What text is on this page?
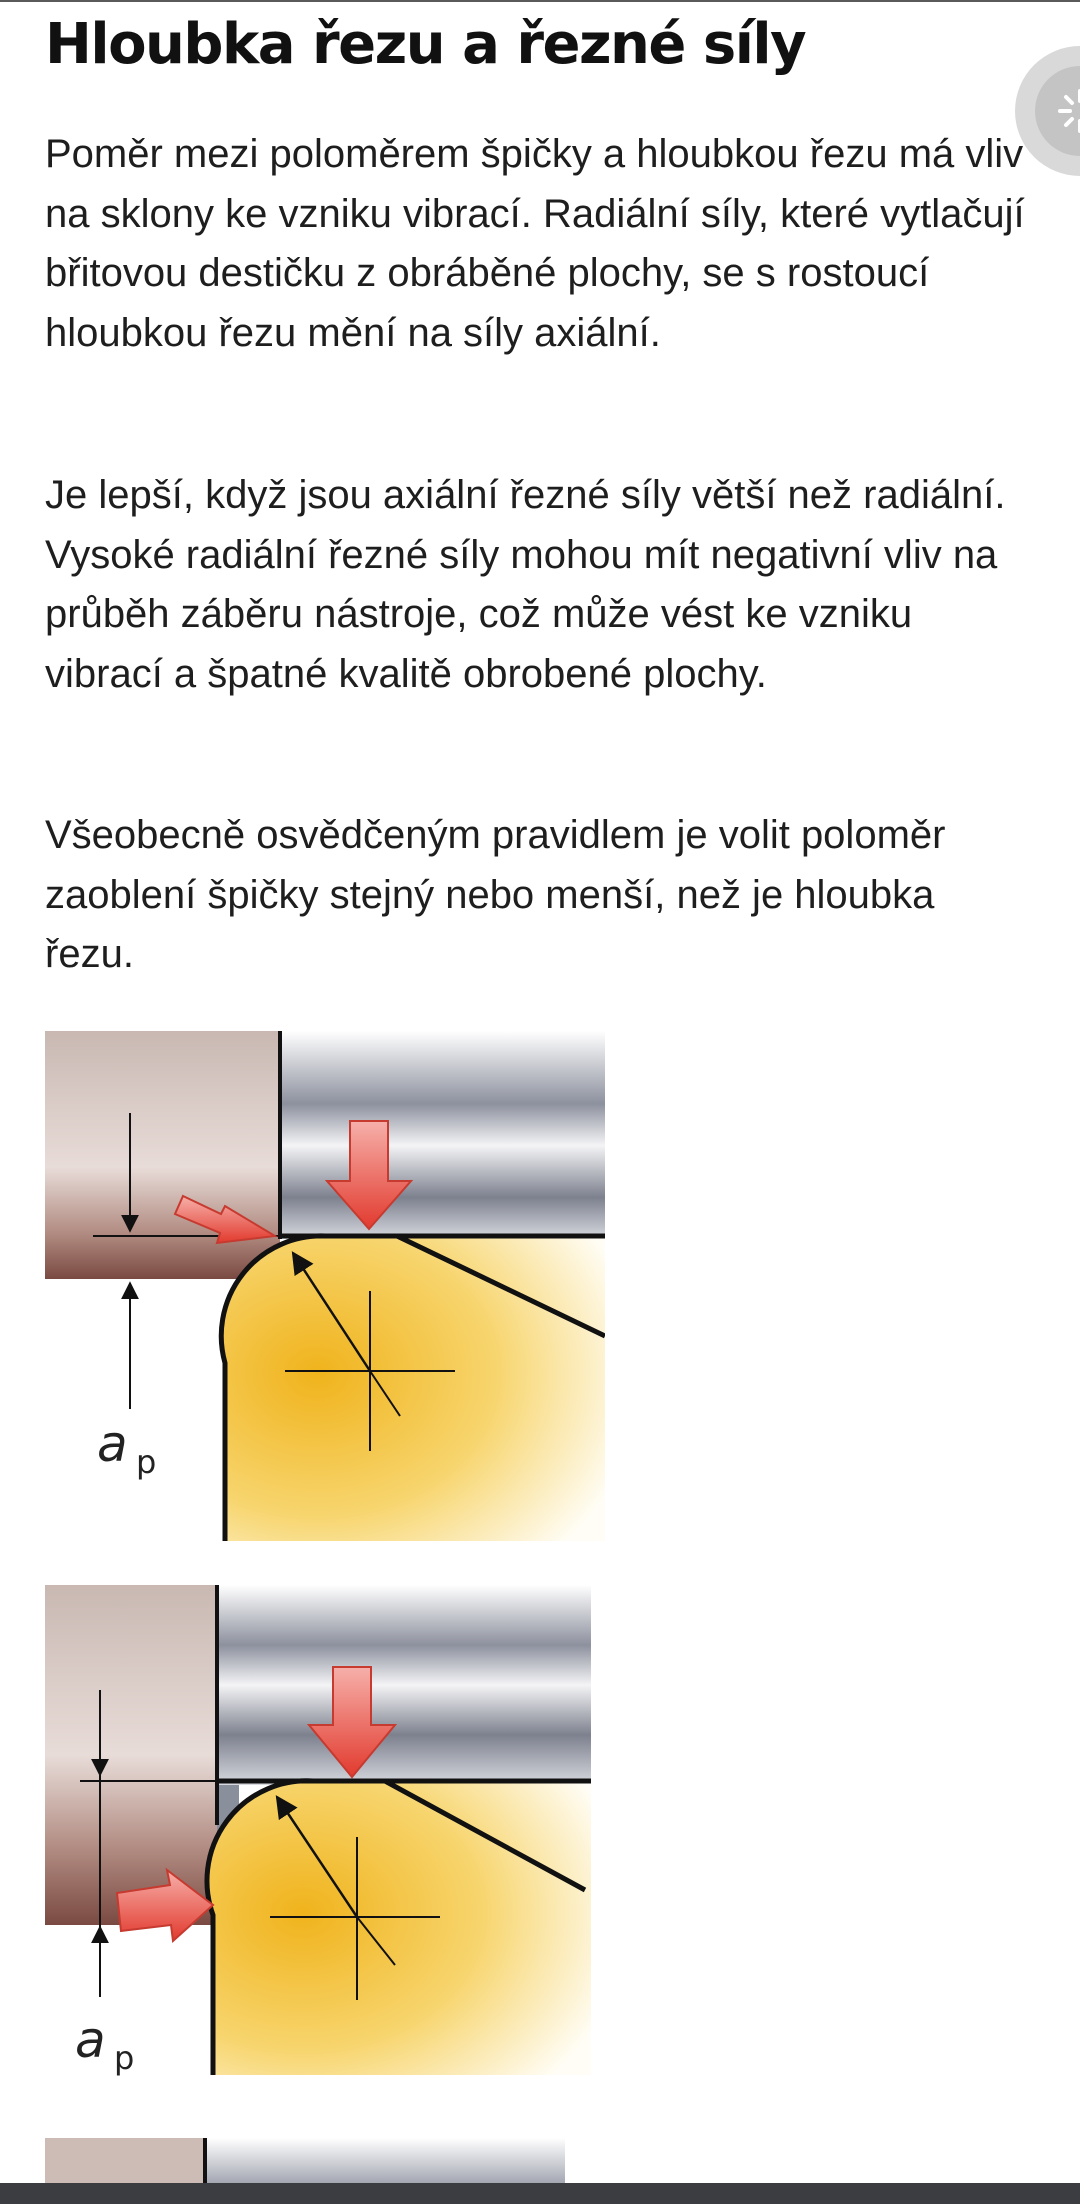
Hloubka řezu a řezné síly

Poměr mezi poloměrem špičky a hloubkou řezu má vliv na sklony ke vzniku vibrací. Radiální síly, které vytlačují břitovou destičku z obráběné plochy, se s rostoucí hloubkou řezu mění na síly axiální.

Je lepší, když jsou axiální řezné síly větší než radiální. Vysoké radiální řezné síly mohou mít negativní vliv na průběh záběru nástroje, což může vést ke vzniku vibrací a špatné kvalitě obrobené plochy.

Všeobecně osvědčeným pravidlem je volit poloměr zaoblení špičky stejný nebo menší, než je hloubka řezu.

a p
a p
